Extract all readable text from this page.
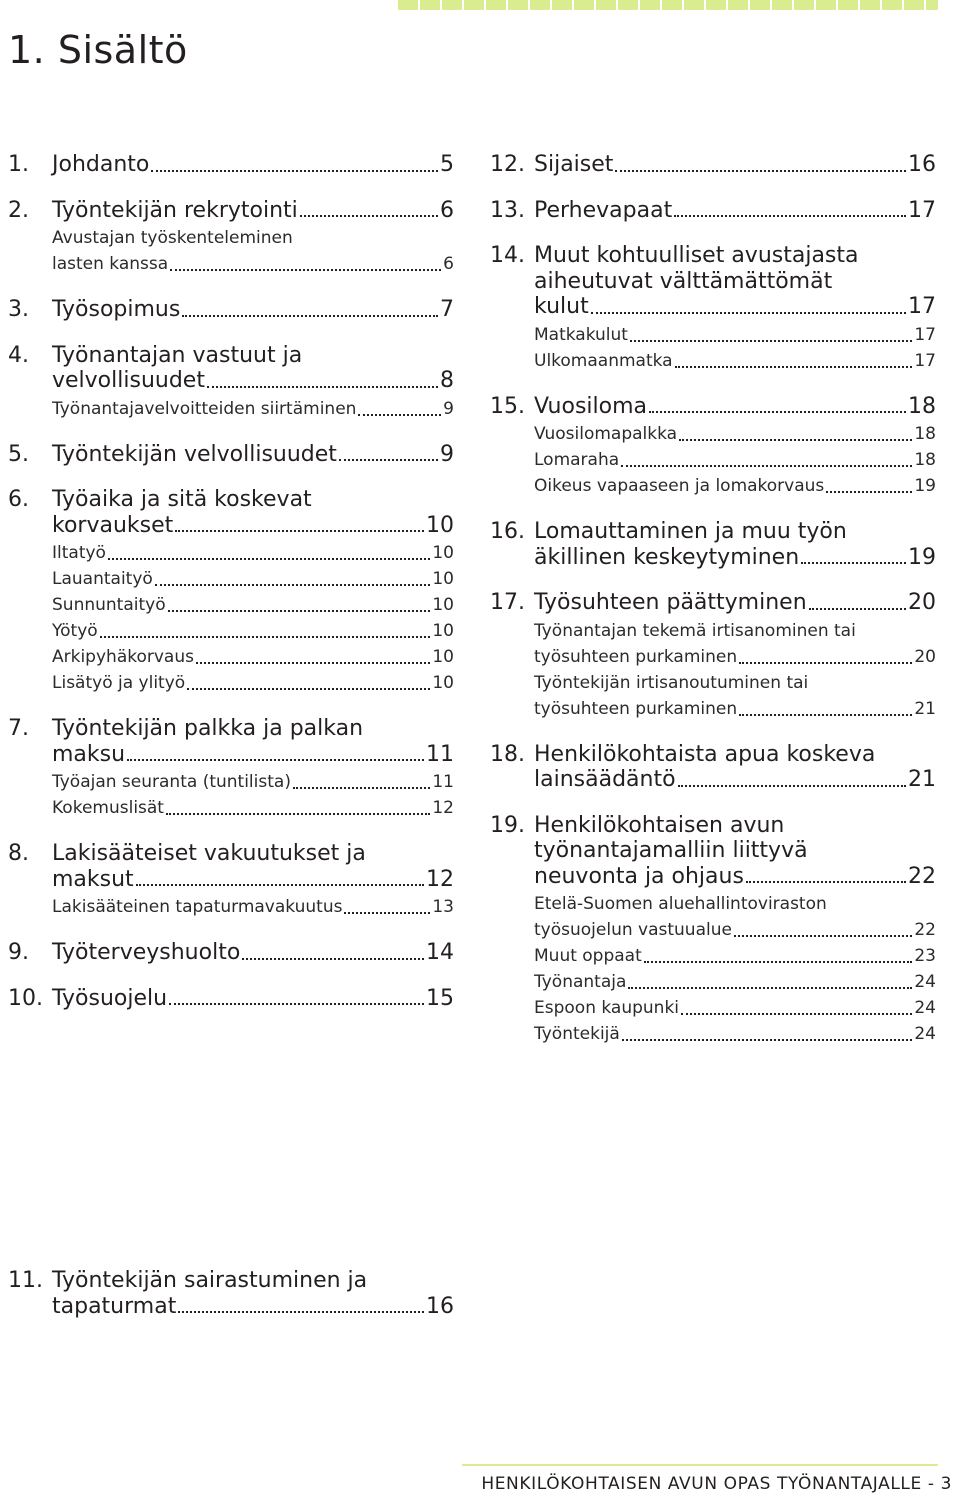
1. Sisältö
1. Johdanto	5
2. Työntekijän rekrytointi	6
Avustajan työskenteleminen
lasten kanssa	6
3. Työsopimus	7
4. Työnantajan vastuut ja
velvollisuudet	8
Työnantajavelvoitteiden siirtäminen	9
5. Työntekijän velvollisuudet	9
6. Työaika ja sitä koskevat
korvaukset	10
Iltatyö	10
Lauantaityö	10
Sunnuntaityö	10
Yötyö	10
Arkipyhäkorvaus	10
Lisätyö ja ylityö	10
7. Työntekijän palkka ja palkan
maksu	11
Työajan seuranta (tuntilista)	11
Kokemuslisät	12
8. Lakisääteiset vakuutukset ja
maksut	12
Lakisääteinen tapaturmavakuutus	13
9. Työterveyshuolto	14
10. Työsuojelu	15
12. Sijaiset	16
13. Perhevapaat	17
14. Muut kohtuulliset avustajasta
aiheutuvat välttämättömät
kulut	17
Matkakulut	17
Ulkomaanmatka	17
15. Vuosiloma	18
Vuosilomapalkka	18
Lomaraha	18
Oikeus vapaaseen ja lomakorvaus	19
16. Lomauttaminen ja muu työn
äkillinen keskeytyminen	19
17. Työsuhteen päättyminen	20
Työnantajan tekemä irtisanominen tai
työsuhteen purkaminen	20
Työntekijän irtisanoutuminen tai
työsuhteen purkaminen	21
18. Henkilökohtaista apua koskeva
lainsäädäntö	21
19. Henkilökohtaisen avun
työnantajamalliin liittyvä
neuvonta ja ohjaus	22
Etelä-Suomen aluehallintoviraston
työsuojelun vastuualue	22
Muut oppaat	23
Työnantaja	24
Espoon kaupunki	24
Työntekijä	24
11. Työntekijän sairastuminen ja
tapaturmat	16

HENKILÖKOHTAISEN AVUN OPAS TYÖNANTAJALLE - 3
